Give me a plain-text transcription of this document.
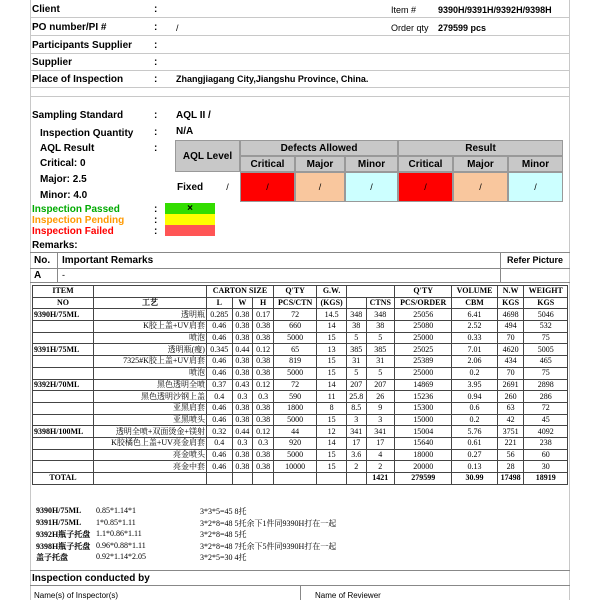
Client	:	Item # 9390H/9391H/9392H/9398H
PO number/PI #	: /	Order qty 279599 pcs
Participants Supplier :
Supplier	:
Place of Inspection	: Zhangjiagang City,Jiangshu Province, China.
Sampling Standard	: AQL II /
Inspection Quantity : N/A
AQL Result	:
Critical: 0
Major: 2.5
Minor: 4.0
AQL Level
Defects Allowed	Result
Critical	Major	Minor	Critical	Major	Minor
Fixed	/	/	/	/	/	/	/
Inspection Passed
Inspection Pending
Inspection Failed
:
:
:
×
Remarks:
No. Important Remarks	Refer Picture
A -
ITEM		CARTON SIZE			Q'TY	G.W.			Q'TY	VOLUME	N.W	WEIGHT
NO	工艺	L	W	H	PCS/CTN	(KGS)		CTNS	PCS/ORDER	CBM	KGS	KGS
9390H/75ML	透明瓶	0.285	0.38	0.17	72	14.5	348	348	25056	6.41	4698	5046
	K胶上盖+UV肩套	0.46	0.38	0.38	660	14	38	38	25080	2.52	494	532
	喷泡	0.46	0.38	0.38	5000	15	5	5	25000	0.33	70	75
9391H/75ML	透明瓶(瘦)	0.345	0.44	0.12	65	13	385	385	25025	7.01	4620	5005
	7325#K胶上盖+UV肩套	0.46	0.38	0.38	819	15	31	31	25389	2.06	434	465
	喷泡	0.46	0.38	0.38	5000	15	5	5	25000	0.2	70	75
9392H/70ML	黑色透明全喷	0.37	0.43	0.12	72	14	207	207	14869	3.95	2691	2898
	黑色透明沙钢上盖	0.4	0.3	0.3	590	11	25.8	26	15236	0.94	260	286
	亚黑肩套	0.46	0.38	0.38	1800	8	8.5	9	15300	0.6	63	72
	亚黑喷头	0.46	0.38	0.38	5000	15	3	3	15000	0.2	42	45
9398H/100ML	透明全喷+双面烫金+镁射	0.32	0.44	0.12	44	12	341	341	15004	5.76	3751	4092
	K胶橘色上盖+UV亮金肩套	0.4	0.3	0.3	920	14	17	17	15640	0.61	221	238
	亮金喷头	0.46	0.38	0.38	5000	15	3.6	4	18000	0.27	56	60
	亮金中套	0.46	0.38	0.38	10000	15	2	2	20000	0.13	28	30
TOTAL								1421	279599	30.99	17498	18919
9390H/75ML 0.85*1.14*1	3*3*5=45 8托
9391H/75ML 1*0.85*1.11	3*2*8=48 5托余下1件同9390H打在一起
9392H瓶子托盘 1.1*0.86*1.11	3*2*8=48 5托
9398H瓶子托盘 0.96*0.88*1.11	3*2*8=48 7托余下5件同9390H打在一起
盖子托盘	0.92*1.14*2.05	3*2*5=30 4托
Inspection conducted by
Name(s) of Inspector(s)	Name of Reviewer
